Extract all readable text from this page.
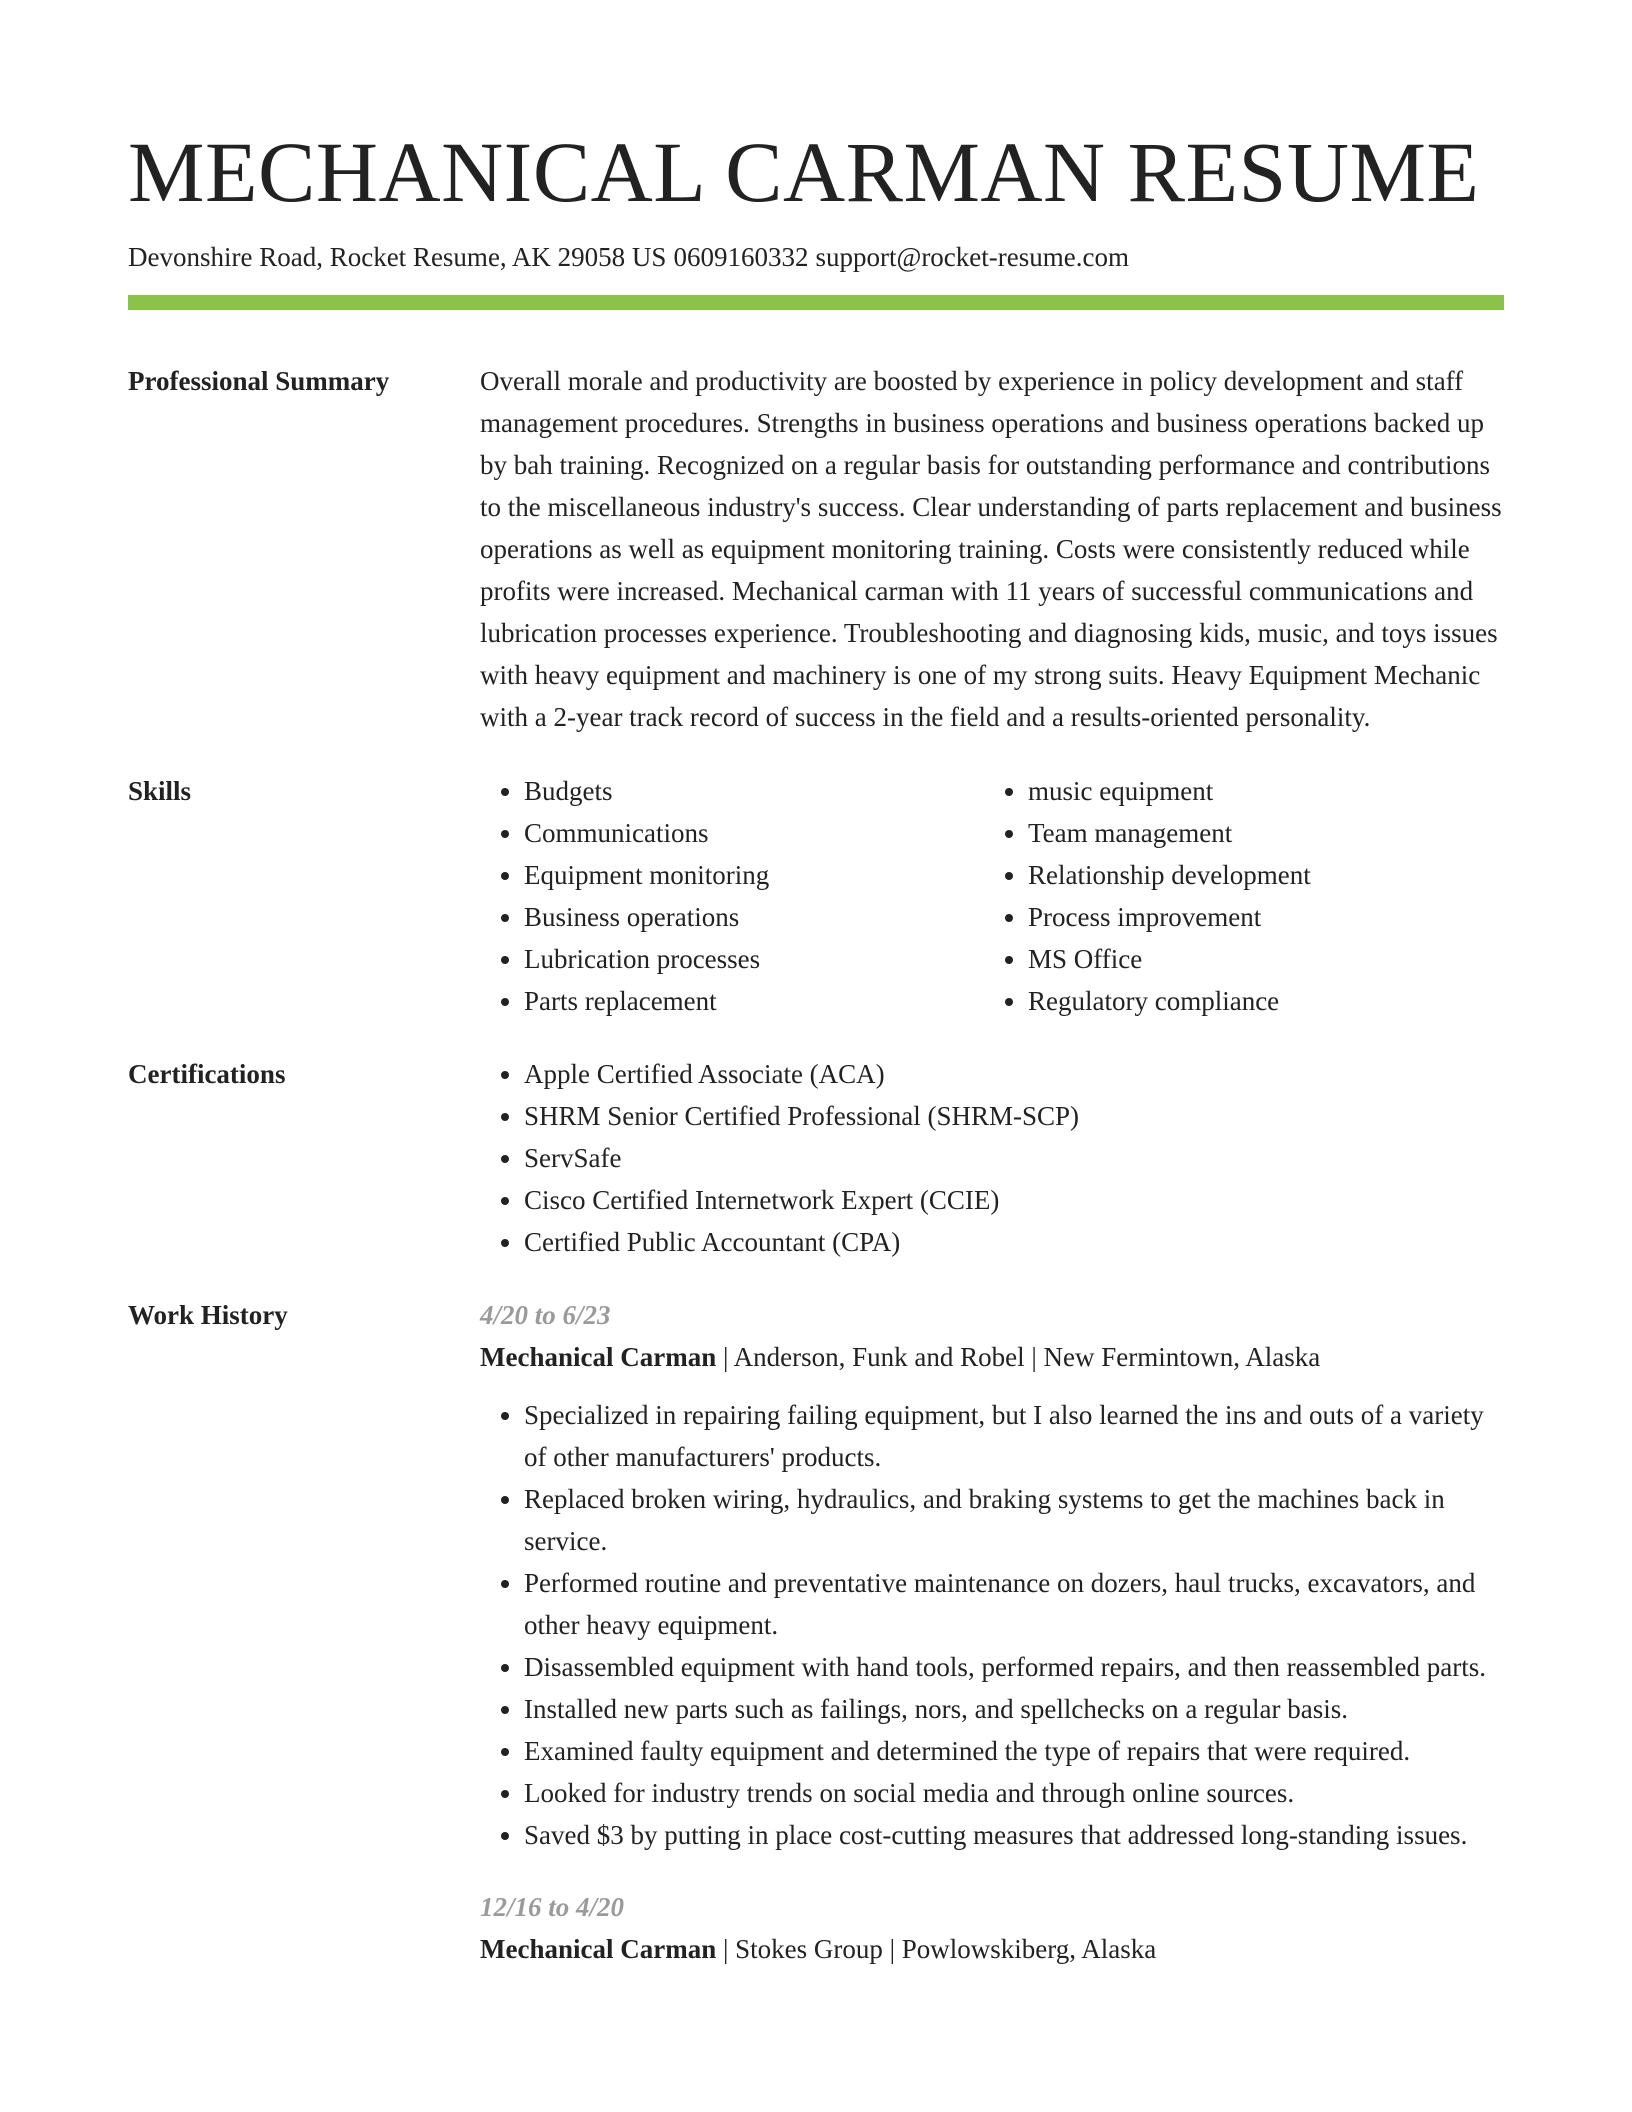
MECHANICAL CARMAN RESUME
Devonshire Road, Rocket Resume, AK 29058 US 0609160332 support@rocket-resume.com
Professional Summary	Overall morale and productivity are boosted by experience in policy development and staff management procedures. Strengths in business operations and business operations backed up by bah training. Recognized on a regular basis for outstanding performance and contributions to the miscellaneous industry's success. Clear understanding of parts replacement and business operations as well as equipment monitoring training. Costs were consistently reduced while profits were increased. Mechanical carman with 11 years of successful communications and lubrication processes experience. Troubleshooting and diagnosing kids, music, and toys issues with heavy equipment and machinery is one of my strong suits. Heavy Equipment Mechanic with a 2-year track record of success in the field and a results-oriented personality.

Skills	• Budgets
• Communications
• Equipment monitoring
• Business operations
• Lubrication processes
• Parts replacement
• music equipment
• Team management
• Relationship development
• Process improvement
• MS Office
• Regulatory compliance
Certifications	• Apple Certified Associate (ACA)
• SHRM Senior Certified Professional (SHRM-SCP)
• ServSafe
• Cisco Certified Internetwork Expert (CCIE)
• Certified Public Accountant (CPA)
Work History	4/20 to 6/23
Mechanical Carman | Anderson, Funk and Robel | New Fermintown, Alaska
• Specialized in repairing failing equipment, but I also learned the ins and outs of a variety of other manufacturers' products.
• Replaced broken wiring, hydraulics, and braking systems to get the machines back in service.
• Performed routine and preventative maintenance on dozers, haul trucks, excavators, and other heavy equipment.
• Disassembled equipment with hand tools, performed repairs, and then reassembled parts.
• Installed new parts such as failings, nors, and spellchecks on a regular basis.
• Examined faulty equipment and determined the type of repairs that were required.
• Looked for industry trends on social media and through online sources.
• Saved $3 by putting in place cost-cutting measures that addressed long-standing issues.
12/16 to 4/20
Mechanical Carman | Stokes Group | Powlowskiberg, Alaska
